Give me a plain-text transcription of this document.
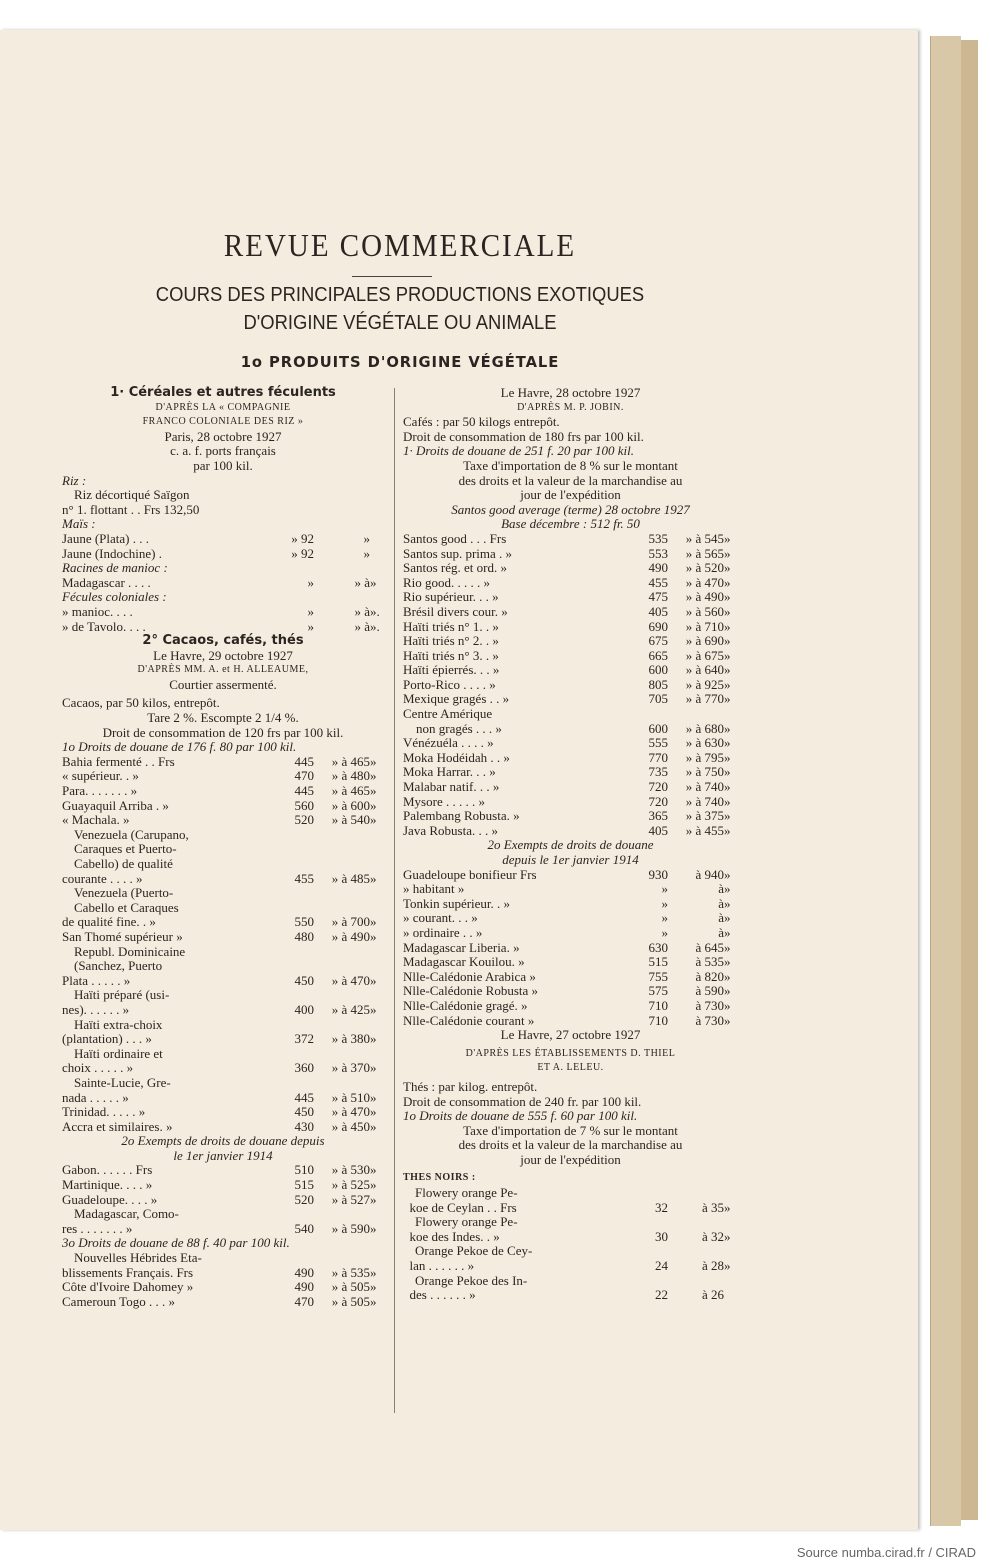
REVUE COMMERCIALE
COURS DES PRINCIPALES PRODUCTIONS EXOTIQUES
D'ORIGINE VÉGÉTALE OU ANIMALE
1o PRODUITS D'ORIGINE VÉGÉTALE
1· Céréales et autres féculents
D'APRÈS LA « COMPAGNIE
FRANCO COLONIALE DES RIZ »
Paris, 28 octobre 1927
c. a. f. ports français
par 100 kil.
Riz :
Riz décortiqué Saïgon
n° 1. flottant . . Frs 132,50
Maïs :
Jaune (Plata) . . .	» 92	»
Jaune (Indochine) .	» 92	»
Racines de manioc :
Madagascar . . . .	»	» à »
Fécules coloniales :
» manioc. . . .	»	» à ».
» de Tavolo. . . .	»	» à ».
2° Cacaos, cafés, thés
Le Havre, 29 octobre 1927
D'APRÈS MM. A. et H. ALLEAUME,
Courtier assermenté.
Cacaos, par 50 kilos, entrepôt.
Tare 2 %. Escompte 2 1/4 %.
Droit de consommation de 120 frs par 100 kil.
1o Droits de douane de 176 f. 80 par 100 kil.
Bahia fermenté . . Frs	445	» à 465 »
« supérieur. . »	470	» à 480 »
Para. . . . . . . »	445	» à 465 »
Guayaquil Arriba . »	560	» à 600 »
« Machala. »	520	» à 540 »
Venezuela (Carupano,
Caraques et Puerto-
Cabello) de qualité
courante . . . . »	455	» à 485 »
Venezuela (Puerto-
Cabello et Caraques
de qualité fine. . »	550	» à 700 »
San Thomé supérieur »	480	» à 490 »
Republ. Dominicaine
(Sanchez, Puerto
Plata . . . . . »	450	» à 470 »
Haïti préparé (usi-
nes). . . . . . »	400	» à 425 »
Haïti extra-choix
(plantation) . . . »	372	» à 380 »
Haïti ordinaire et
choix . . . . . »	360	» à 370 »
Sainte-Lucie, Gre-
nada . . . . . »	445	» à 510 »
Trinidad. . . . . »	450	» à 470 »
Accra et similaires. »	430	» à 450 »
2o Exempts de droits de douane depuis
le 1er janvier 1914
Gabon. . . . . . Frs	510	» à 530 »
Martinique. . . . »	515	» à 525 »
Guadeloupe. . . . »	520	» à 527 »
Madagascar, Como-
res . . . . . . . »	540	» à 590 »
3o Droits de douane de 88 f. 40 par 100 kil.
Nouvelles Hébrides Eta-
blissements Français. Frs	490	» à 535 »
Côte d'Ivoire Dahomey »	490	» à 505 »
Cameroun Togo . . . »	470	» à 505 »
Le Havre, 28 octobre 1927
D'APRÈS M. P. JOBIN.
Cafés : par 50 kilogs entrepôt.
Droit de consommation de 180 frs par 100 kil.
1· Droits de douane de 251 f. 20 par 100 kil.
Taxe d'importation de 8 % sur le montant
des droits et la valeur de la marchandise au
jour de l'expédition
Santos good average (terme) 28 octobre 1927
Base décembre : 512 fr. 50
Santos good . . . Frs	535	» à 545 »
Santos sup. prima . »	553	» à 565 »
Santos rég. et ord. »	490	» à 520 »
Rio good. . . . . »	455	» à 470 »
Rio supérieur. . . »	475	» à 490 »
Brésil divers cour. »	405	» à 560 »
Haïti triés n° 1. . »	690	» à 710 »
Haïti triés n° 2. . »	675	» à 690 »
Haïti triés n° 3. . »	665	» à 675 »
Haïti épierrés. . . »	600	» à 640 »
Porto-Rico . . . . »	805	» à 925 »
Mexique gragés . . »	705	» à 770 »
Centre Amérique
non gragés . . . »	600	» à 680 »
Vénézuéla . . . . »	555	» à 630 »
Moka Hodéidah . . »	770	» à 795 »
Moka Harrar. . . »	735	» à 750 »
Malabar natif. . . »	720	» à 740 »
Mysore . . . . . »	720	» à 740 »
Palembang Robusta. »	365	» à 375 »
Java Robusta. . . »	405	» à 455 »
2o Exempts de droits de douane
depuis le 1er janvier 1914
Guadeloupe bonifieur Frs	930	à 940 »
» habitant »	»	à »
Tonkin supérieur. . »	»	à »
» courant. . . »	»	à »
» ordinaire . . »	»	à »
Madagascar Liberia. »	630	à 645 »
Madagascar Kouilou. »	515	à 535 »
Nlle-Calédonie Arabica »	755	à 820 »
Nlle-Calédonie Robusta »	575	à 590 »
Nlle-Calédonie gragé. »	710	à 730 »
Nlle-Calédonie courant »	710	à 730 »
Le Havre, 27 octobre 1927
D'APRÈS LES ÉTABLISSEMENTS D. THIEL
ET A. LELEU.
Thés : par kilog. entrepôt.
Droit de consommation de 240 fr. par 100 kil.
1o Droits de douane de 555 f. 60 par 100 kil.
Taxe d'importation de 7 % sur le montant
des droits et la valeur de la marchandise au
jour de l'expédition
THES NOIRS :
Flowery orange Pe-
koe de Ceylan . . Frs	32	à 35 »
Flowery orange Pe-
koe des Indes. . »	30	à 32 »
Orange Pekoe de Cey-
lan . . . . . . »	24	à 28 »
Orange Pekoe des In-
des . . . . . . »	22	à 26
Source numba.cirad.fr / CIRAD
